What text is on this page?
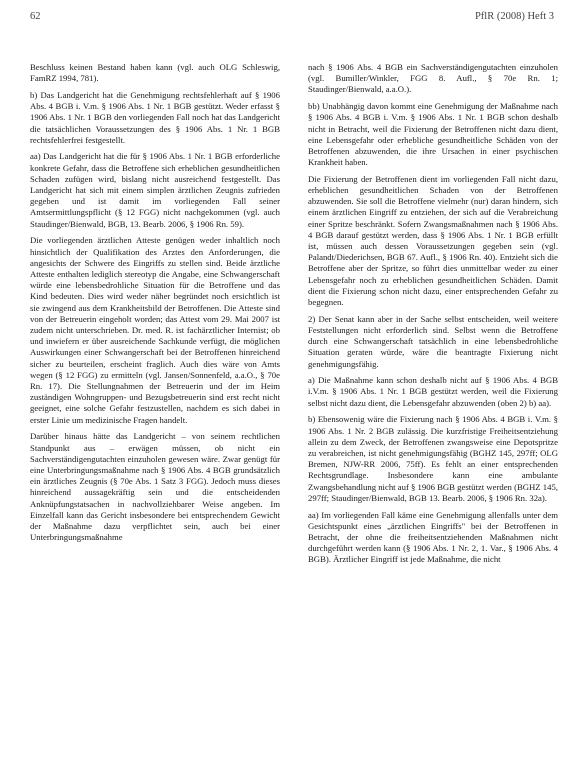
62	PflR (2008) Heft 3

Beschluss keinen Bestand haben kann (vgl. auch OLG Schleswig, FamRZ 1994, 781).

b) Das Landgericht hat die Genehmigung rechtsfehlerhaft auf § 1906 Abs. 4 BGB i. V.m. § 1906 Abs. 1 Nr. 1 BGB gestützt. Weder erfasst § 1906 Abs. 1 Nr. 1 BGB den vorliegenden Fall noch hat das Landgericht die tatsächlichen Voraussetzungen des § 1906 Abs. 1 Nr. 1 BGB rechtsfehlerfrei festgestellt.

aa) Das Landgericht hat die für § 1906 Abs. 1 Nr. 1 BGB erforderliche konkrete Gefahr, dass die Betroffene sich erheblichen gesundheitlichen Schaden zufügen wird, bislang nicht ausreichend festgestellt. Das Landgericht hat sich mit einem simplen ärztlichen Zeugnis zufrieden gegeben und ist damit im vorliegenden Fall seiner Amtsermittlungspflicht (§ 12 FGG) nicht nachgekommen (vgl. auch Staudinger/Bienwald, BGB, 13. Bearb. 2006, § 1906 Rn. 59).

Die vorliegenden ärztlichen Atteste genügen weder inhaltlich noch hinsichtlich der Qualifikation des Arztes den Anforderungen, die angesichts der Schwere des Eingriffs zu stellen sind. Beide ärztliche Atteste enthalten lediglich stereotyp die Angabe, eine Schwangerschaft würde eine lebensbedrohliche Situation für die Betroffene und das Kind bedeuten. Dies wird weder näher begründet noch ersichtlich ist sie zwingend aus dem Krankheitsbild der Betroffenen. Die Atteste sind von der Betreuerin eingeholt worden; das Attest vom 29. Mai 2007 ist zudem nicht unterschrieben. Dr. med. R. ist fachärztlicher Internist; ob und inwiefern er über ausreichende Sachkunde verfügt, die möglichen Auswirkungen einer Schwangerschaft bei der Betroffenen hinreichend sicher zu beurteilen, erscheint fraglich. Auch dies wäre von Amts wegen (§ 12 FGG) zu ermitteln (vgl. Jansen/Sonnenfeld, a.a.O., § 70e Rn. 17). Die Stellungnahmen der Betreuerin und der im Heim zuständigen Wohngruppen- und Bezugsbetreuerin sind erst recht nicht geeignet, eine solche Gefahr festzustellen, nachdem es sich dabei in erster Linie um medizinische Fragen handelt.

Darüber hinaus hätte das Landgericht – von seinem rechtlichen Standpunkt aus – erwägen müssen, ob nicht ein Sachverständigengutachten einzuholen gewesen wäre. Zwar genügt für eine Unterbringungsmaßnahme nach § 1906 Abs. 4 BGB grundsätzlich ein ärztliches Zeugnis (§ 70e Abs. 1 Satz 3 FGG). Jedoch muss dieses hinreichend aussagekräftig sein und die entscheidenden Anknüpfungstatsachen in nachvollziehbarer Weise angeben. Im Einzelfall kann das Gericht insbesondere bei entsprechendem Gewicht der Maßnahme dazu verpflichtet sein, auch bei einer Unterbringungsmaßnahme

nach § 1906 Abs. 4 BGB ein Sachverständigengutachten einzuholen (vgl. Bumiller/Winkler, FGG 8. Aufl., § 70e Rn. 1; Staudinger/Bienwald, a.a.O.).

bb) Unabhängig davon kommt eine Genehmigung der Maßnahme nach § 1906 Abs. 4 BGB i. V.m. § 1906 Abs. 1 Nr. 1 BGB schon deshalb nicht in Betracht, weil die Fixierung der Betroffenen nicht dazu dient, eine Lebensgefahr oder erhebliche gesundheitliche Schäden von der Betroffenen abzuwenden, die ihre Ursachen in einer psychischen Krankheit haben.

Die Fixierung der Betroffenen dient im vorliegenden Fall nicht dazu, erheblichen gesundheitlichen Schaden von der Betroffenen abzuwenden. Sie soll die Betroffene vielmehr (nur) daran hindern, sich einem ärztlichen Eingriff zu entziehen, der sich auf die Verabreichung einer Spritze beschränkt. Sofern Zwangsmaßnahmen nach § 1906 Abs. 4 BGB darauf gestützt werden, dass § 1906 Abs. 1 Nr. 1 BGB erfüllt ist, müssen auch dessen Voraussetzungen gegeben sein (vgl. Palandt/Diederichsen, BGB 67. Aufl., § 1906 Rn. 40). Entzieht sich die Betroffene aber der Spritze, so führt dies unmittelbar weder zu einer Lebensgefahr noch zu erheblichen gesundheitlichen Schäden. Damit dient die Fixierung schon nicht dazu, einer entsprechenden Gefahr zu begegnen.

2) Der Senat kann aber in der Sache selbst entscheiden, weil weitere Feststellungen nicht erforderlich sind. Selbst wenn die Betroffene durch eine Schwangerschaft tatsächlich in eine lebensbedrohliche Situation geraten würde, wäre die beantragte Fixierung nicht genehmigungsfähig.

a) Die Maßnahme kann schon deshalb nicht auf § 1906 Abs. 4 BGB i.V.m. § 1906 Abs. 1 Nr. 1 BGB gestützt werden, weil die Fixierung selbst nicht dazu dient, die Lebensgefahr abzuwenden (oben 2) b) aa).

b) Ebensowenig wäre die Fixierung nach § 1906 Abs. 4 BGB i. V.m. § 1906 Abs. 1 Nr. 2 BGB zulässig. Die kurzfristige Freiheitsentziehung allein zu dem Zweck, der Betroffenen zwangsweise eine Depotspritze zu verabreichen, ist nicht genehmigungsfähig (BGHZ 145, 297ff; OLG Bremen, NJW-RR 2006, 75ff). Es fehlt an einer entsprechenden Rechtsgrundlage. Insbesondere kann eine ambulante Zwangsbehandlung nicht auf § 1906 BGB gestützt werden (BGHZ 145, 297ff; Staudinger/Bienwald, BGB 13. Bearb. 2006, § 1906 Rn. 32a).

aa) Im vorliegenden Fall käme eine Genehmigung allenfalls unter dem Gesichtspunkt eines „ärztlichen Eingriffs" bei der Betroffenen in Betracht, der ohne die freiheitsentziehenden Maßnahmen nicht durchgeführt werden kann (§ 1906 Abs. 1 Nr. 2, 1. Var., § 1906 Abs. 4 BGB). Ärztlicher Eingriff ist jede Maßnahme, die nicht
